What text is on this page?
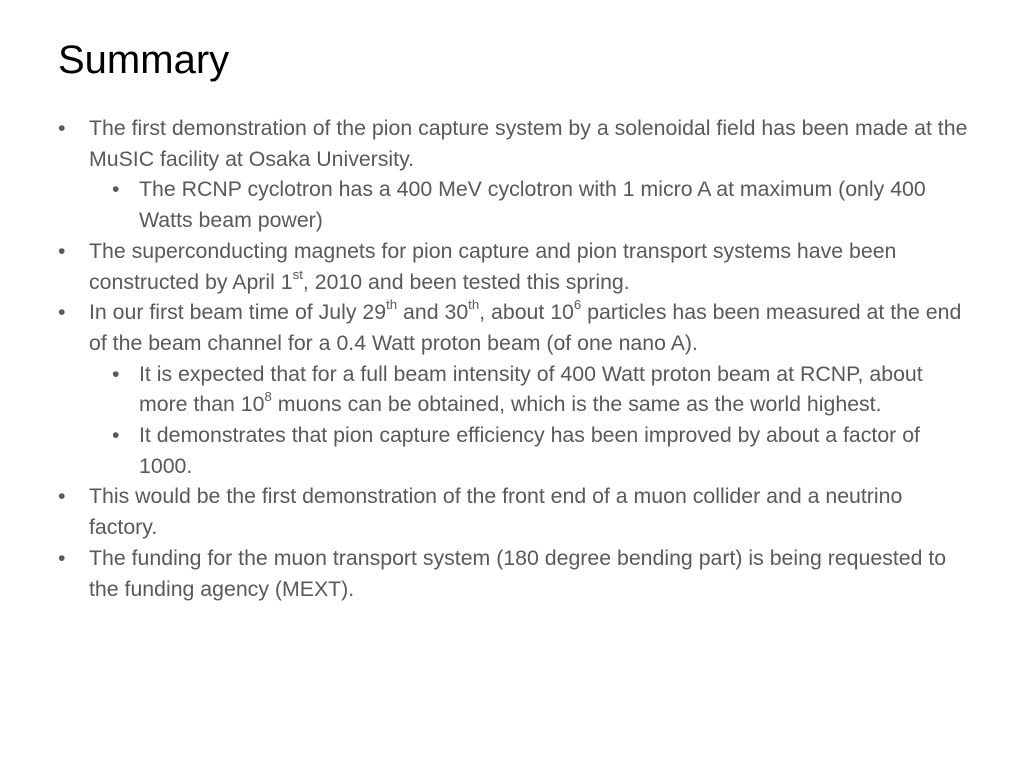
Summary

• The first demonstration of the pion capture system by a solenoidal field has been made at the MuSIC facility at Osaka University.

• The RCNP cyclotron has a 400 MeV cyclotron with 1 micro A at maximum (only 400 Watts beam power)

• The superconducting magnets for pion capture and pion transport systems have been constructed by April 1st, 2010 and been tested this spring.

• In our first beam time of July 29th and 30th, about $10^6$ particles has been measured at the end of the beam channel for a 0.4 Watt proton beam (of one nano A).

• It is expected that for a full beam intensity of 400 Watt proton beam at RCNP, about more than $10^8$ muons can be obtained, which is the same as the world highest.

• It demonstrates that pion capture efficiency has been improved by about a factor of 1000.

• This would be the first demonstration of the front end of a muon collider and a neutrino factory.

• The funding for the muon transport system (180 degree bending part) is being requested to the funding agency (MEXT).
